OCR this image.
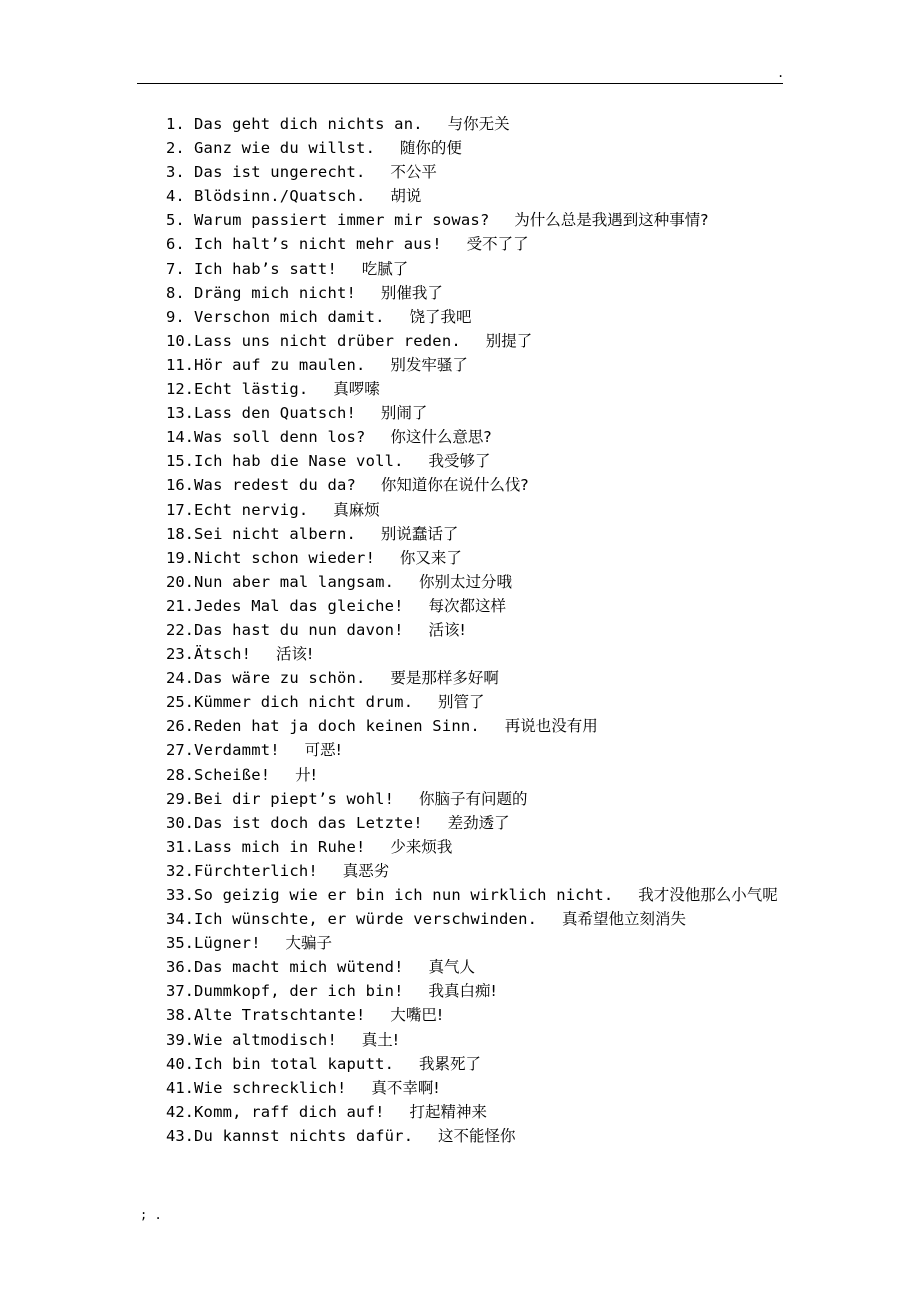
.
1. Das geht dich nichts an. 与你无关
2. Ganz wie du willst. 随你的便
3. Das ist ungerecht. 不公平
4. Blödsinn./Quatsch. 胡说
5. Warum passiert immer mir sowas? 为什么总是我遇到这种事情?
6. Ich halt’s nicht mehr aus! 受不了了
7. Ich hab’s satt! 吃腻了
8. Dräng mich nicht! 别催我了
9. Verschon mich damit. 饶了我吧
10. Lass uns nicht drüber reden. 别提了
11. Hör auf zu maulen. 别发牢骚了
12. Echt lästig. 真啰嗦
13. Lass den Quatsch! 别闹了
14. Was soll denn los? 你这什么意思?
15. Ich hab die Nase voll. 我受够了
16. Was redest du da? 你知道你在说什么伐?
17. Echt nervig. 真麻烦
18. Sei nicht albern. 别说蠢话了
19. Nicht schon wieder! 你又来了
20. Nun aber mal langsam. 你别太过分哦
21. Jedes Mal das gleiche! 每次都这样
22. Das hast du nun davon! 活该!
23. Ätsch! 活该!
24. Das wäre zu schön. 要是那样多好啊
25. Kümmer dich nicht drum. 别管了
26. Reden hat ja doch keinen Sinn. 再说也没有用
27. Verdammt! 可恶!
28. Scheiße! 廾!
29. Bei dir piept’s wohl! 你脑子有问题的
30. Das ist doch das Letzte! 差劲透了
31. Lass mich in Ruhe! 少来烦我
32. Fürchterlich! 真恶劣
33. So geizig wie er bin ich nun wirklich nicht. 我才没他那么小气呢
34. Ich wünschte, er würde verschwinden. 真希望他立刻消失
35. Lügner! 大骗子
36. Das macht mich wütend! 真气人
37. Dummkopf, der ich bin! 我真白痴!
38. Alte Tratschtante! 大嘴巴!
39. Wie altmodisch! 真土!
40. Ich bin total kaputt. 我累死了
41. Wie schrecklich! 真不幸啊!
42. Komm, raff dich auf! 打起精神来
43. Du kannst nichts dafür. 这不能怪你
; .
